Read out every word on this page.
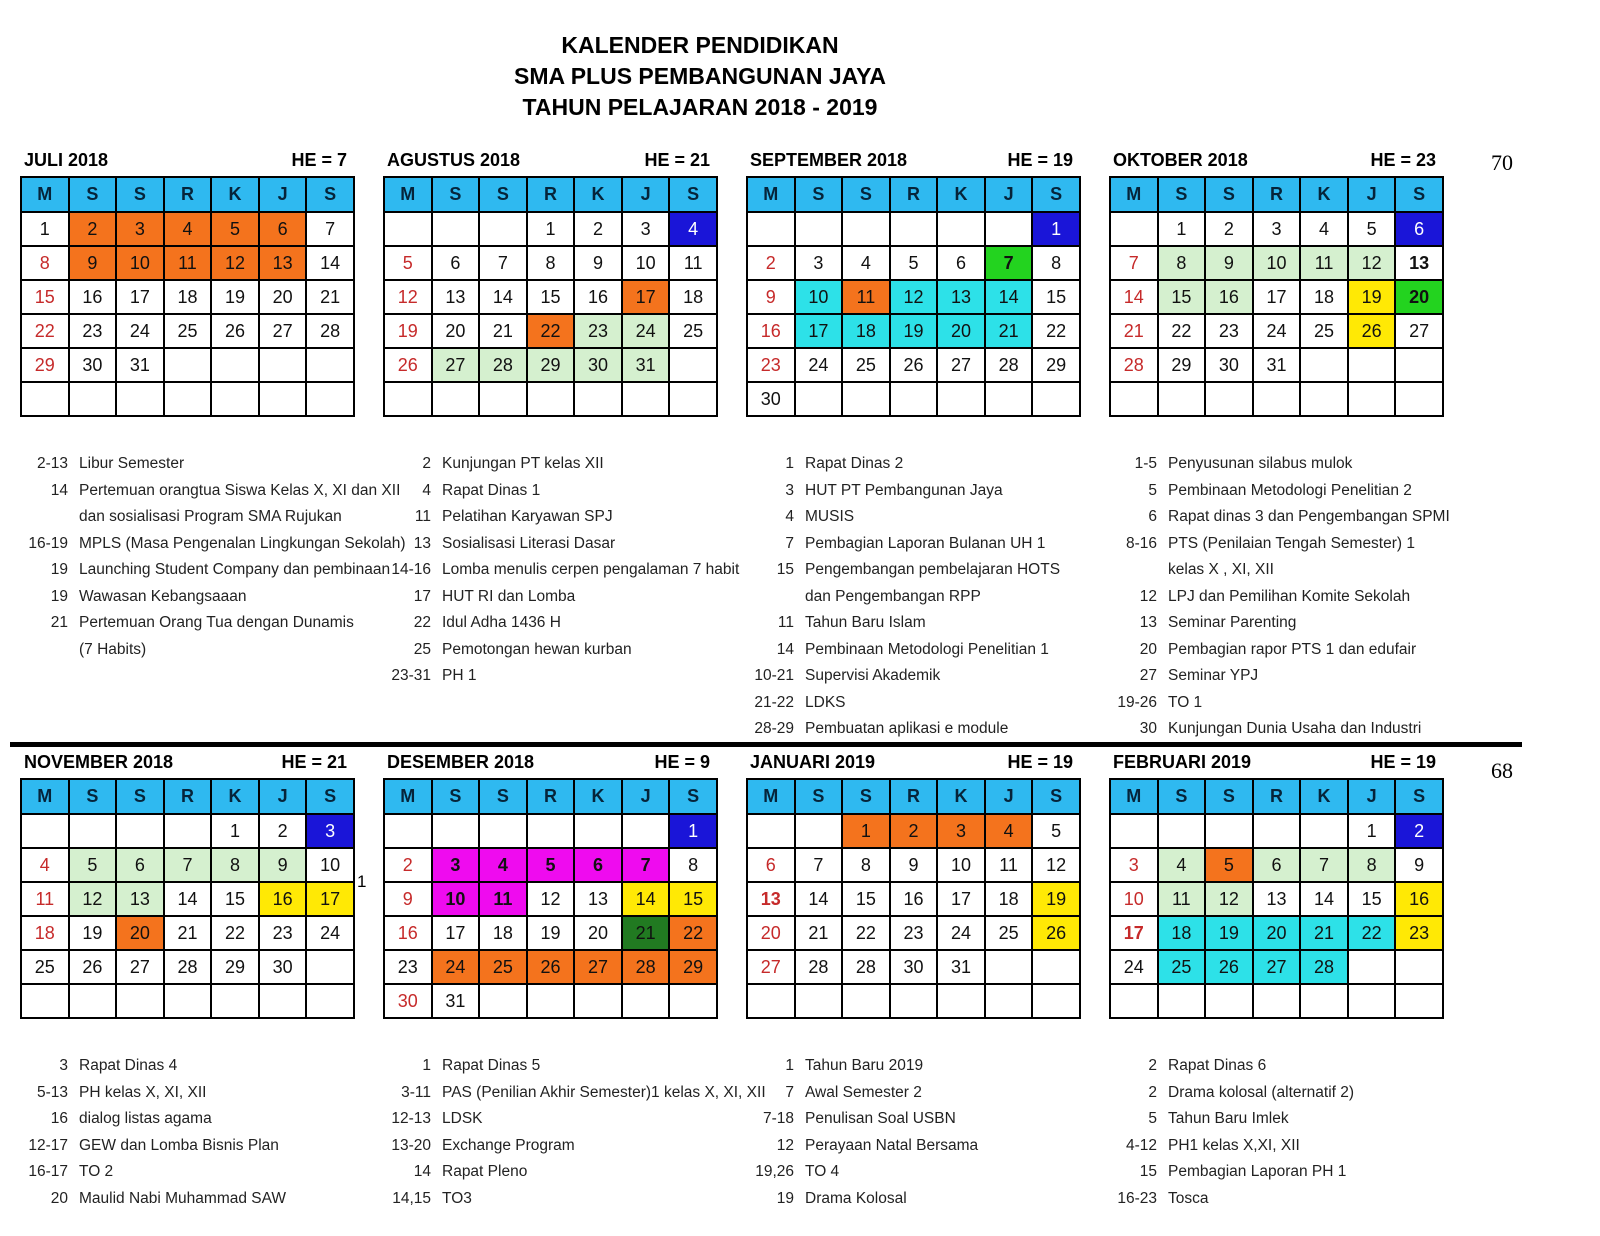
KALENDER PENDIDIKAN
SMA PLUS PEMBANGUNAN JAYA
TAHUN PELAJARAN 2018 - 2019
70
68
JULI 2018	HE = 7
M	S	S	R	K	J	S
1	2	3	4	5	6	7
8	9	10	11	12	13	14
15	16	17	18	19	20	21
22	23	24	25	26	27	28
29	30	31				

2-13 Libur Semester
14 Pertemuan orangtua Siswa Kelas X, XI dan XII
dan sosialisasi Program SMA Rujukan
16-19 MPLS (Masa Pengenalan Lingkungan Sekolah)
19 Launching Student Company dan pembinaan
19 Wawasan Kebangsaaan
21 Pertemuan Orang Tua dengan Dunamis
(7 Habits)
AGUSTUS 2018	HE = 21
M	S	S	R	K	J	S
			1	2	3	4
5	6	7	8	9	10	11
12	13	14	15	16	17	18
19	20	21	22	23	24	25
26	27	28	29	30	31	

2 Kunjungan PT kelas XII
4 Rapat Dinas 1
11 Pelatihan Karyawan SPJ
13 Sosialisasi Literasi Dasar
14-16 Lomba menulis cerpen pengalaman 7 habit
17 HUT RI dan Lomba
22 Idul Adha 1436 H
25 Pemotongan hewan kurban
23-31 PH 1
SEPTEMBER 2018	HE = 19
M	S	S	R	K	J	S
						1
2	3	4	5	6	7	8
9	10	11	12	13	14	15
16	17	18	19	20	21	22
23	24	25	26	27	28	29
30						
1 Rapat Dinas 2
3 HUT PT Pembangunan Jaya
4 MUSIS
7 Pembagian Laporan Bulanan UH 1
15 Pengembangan pembelajaran HOTS
dan Pengembangan RPP
11 Tahun Baru Islam
14 Pembinaan Metodologi Penelitian 1
10-21 Supervisi Akademik
21-22 LDKS
28-29 Pembuatan aplikasi e module
OKTOBER 2018	HE = 23
M	S	S	R	K	J	S
	1	2	3	4	5	6
7	8	9	10	11	12	13
14	15	16	17	18	19	20
21	22	23	24	25	26	27
28	29	30	31			

1-5 Penyusunan silabus mulok
5 Pembinaan Metodologi Penelitian 2
6 Rapat dinas 3 dan Pengembangan SPMI
8-16 PTS (Penilaian Tengah Semester) 1
kelas X , XI, XII
12 LPJ dan Pemilihan Komite Sekolah
13 Seminar Parenting
20 Pembagian rapor PTS 1 dan edufair
27 Seminar YPJ
19-26 TO 1
30 Kunjungan Dunia Usaha dan Industri
NOVEMBER 2018	HE = 21
M	S	S	R	K	J	S
				1	2	3
4	5	6	7	8	9	10
11	12	13	14	15	16	17
18	19	20	21	22	23	24
25	26	27	28	29	30	

3 Rapat Dinas 4
5-13 PH kelas X, XI, XII
16 dialog listas agama
12-17 GEW dan Lomba Bisnis Plan
16-17 TO 2
20 Maulid Nabi Muhammad SAW
DESEMBER 2018	HE = 9
M	S	S	R	K	J	S
						1
2	3	4	5	6	7	8
9	10	11	12	13	14	15
16	17	18	19	20	21	22
23	24	25	26	27	28	29
30	31					
1 Rapat Dinas 5
3-11 PAS (Penilian Akhir Semester)1 kelas X, XI, XII
12-13 LDSK
13-20 Exchange Program
14 Rapat Pleno
14,15 TO3
JANUARI 2019	HE = 19
M	S	S	R	K	J	S
		1	2	3	4	5
6	7	8	9	10	11	12
13	14	15	16	17	18	19
20	21	22	23	24	25	26
27	28	28	30	31		

1 Tahun Baru 2019
7 Awal Semester 2
7-18 Penulisan Soal USBN
12 Perayaan Natal Bersama
19,26 TO 4
19 Drama Kolosal
FEBRUARI 2019	HE = 19
M	S	S	R	K	J	S
					1	2
3	4	5	6	7	8	9
10	11	12	13	14	15	16
17	18	19	20	21	22	23
24	25	26	27	28		

2 Rapat Dinas 6
2 Drama kolosal (alternatif 2)
5 Tahun Baru Imlek
4-12 PH1 kelas X,XI, XII
15 Pembagian Laporan PH 1
16-23 Tosca
1
